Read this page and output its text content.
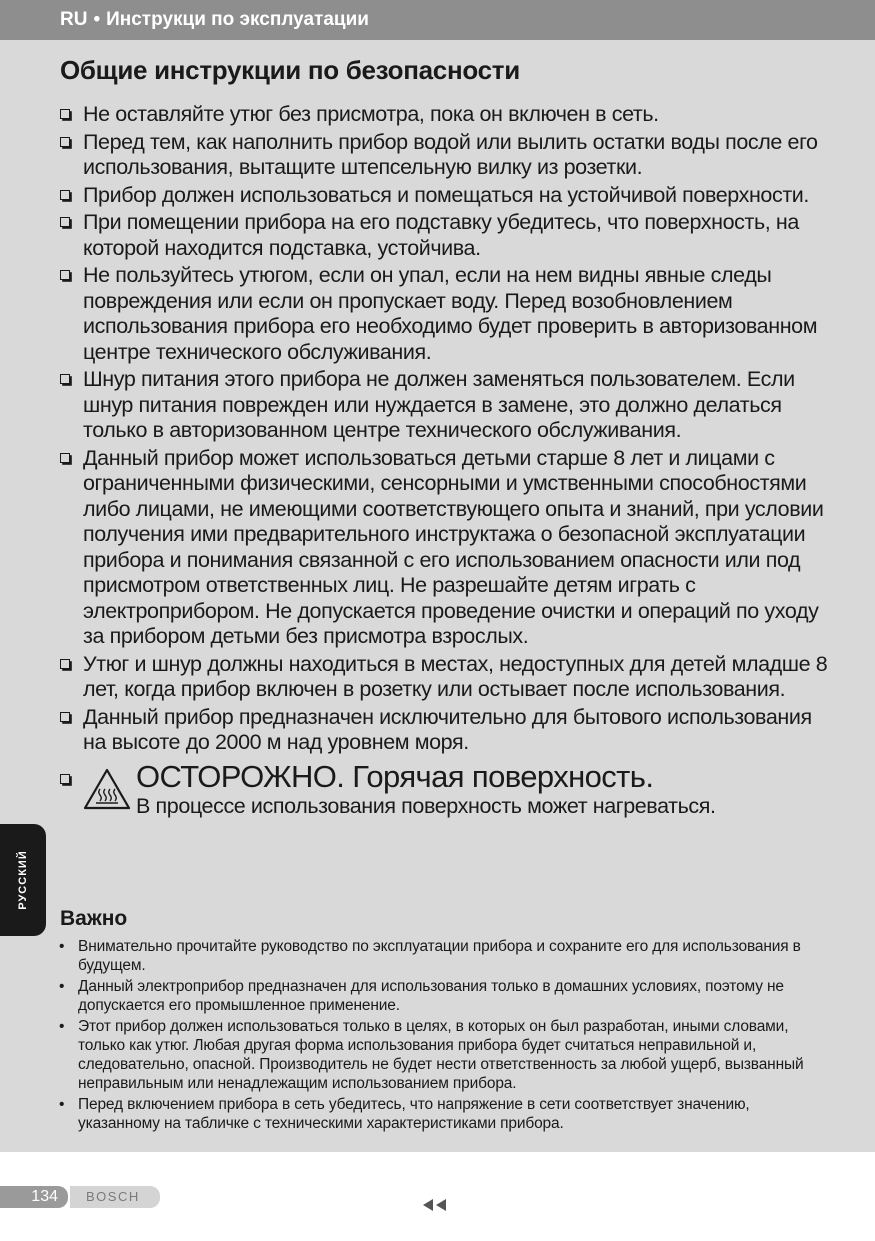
RU • Инструкци по эксплуатации
Общие инструкции по безопасности
Не оставляйте утюг без присмотра, пока он включен в сеть.
Перед тем, как наполнить прибор водой или вылить остатки воды после его использования, вытащите штепсельную вилку из розетки.
Прибор должен использоваться и помещаться на устойчивой поверхности.
При помещении прибора на его подставку убедитесь, что поверхность, на которой находится подставка, устойчива.
Не пользуйтесь утюгом, если он упал, если на нем видны явные следы повреждения или если он пропускает воду. Перед возобновлением использования прибора его необходимо будет проверить в авторизованном центре технического обслуживания.
Шнур питания этого прибора не должен заменяться пользователем. Если шнур питания поврежден или нуждается в замене, это должно делаться только в авторизованном центре технического обслуживания.
Данный прибор может использоваться детьми старше 8 лет и лицами с ограниченными физическими, сенсорными и умственными способностями либо лицами, не имеющими соответствующего опыта и знаний, при условии получения ими предварительного инструктажа о безопасной эксплуатации прибора и понимания связанной с его использованием опасности или под присмотром ответственных лиц. Не разрешайте детям играть с электроприбором. Не допускается проведение очистки и операций по уходу за прибором детьми без присмотра взрослых.
Утюг и шнур должны находиться в местах, недоступных для детей младше 8 лет, когда прибор включен в розетку или остывает после использования.
Данный прибор предназначен исключительно для бытового использования на высоте до 2000 м над уровнем моря.
ОСТОРОЖНО. Горячая поверхность.
В процессе использования поверхность может нагреваться.
Важно
• Внимательно прочитайте руководство по эксплуатации прибора и сохраните его для использования в будущем.
• Данный электроприбор предназначен для использования только в домашних условиях, поэтому не допускается его промышленное применение.
• Этот прибор должен использоваться только в целях, в которых он был разработан, иными словами, только как утюг. Любая другая форма использования прибора будет считаться неправильной и, следовательно, опасной. Производитель не будет нести ответственность за любой ущерб, вызванный неправильным или ненадлежащим использованием прибора.
• Перед включением прибора в сеть убедитесь, что напряжение в сети соответствует значению, указанному на табличке с техническими характеристиками прибора.
РУССКИЙ
134	BOSCH
